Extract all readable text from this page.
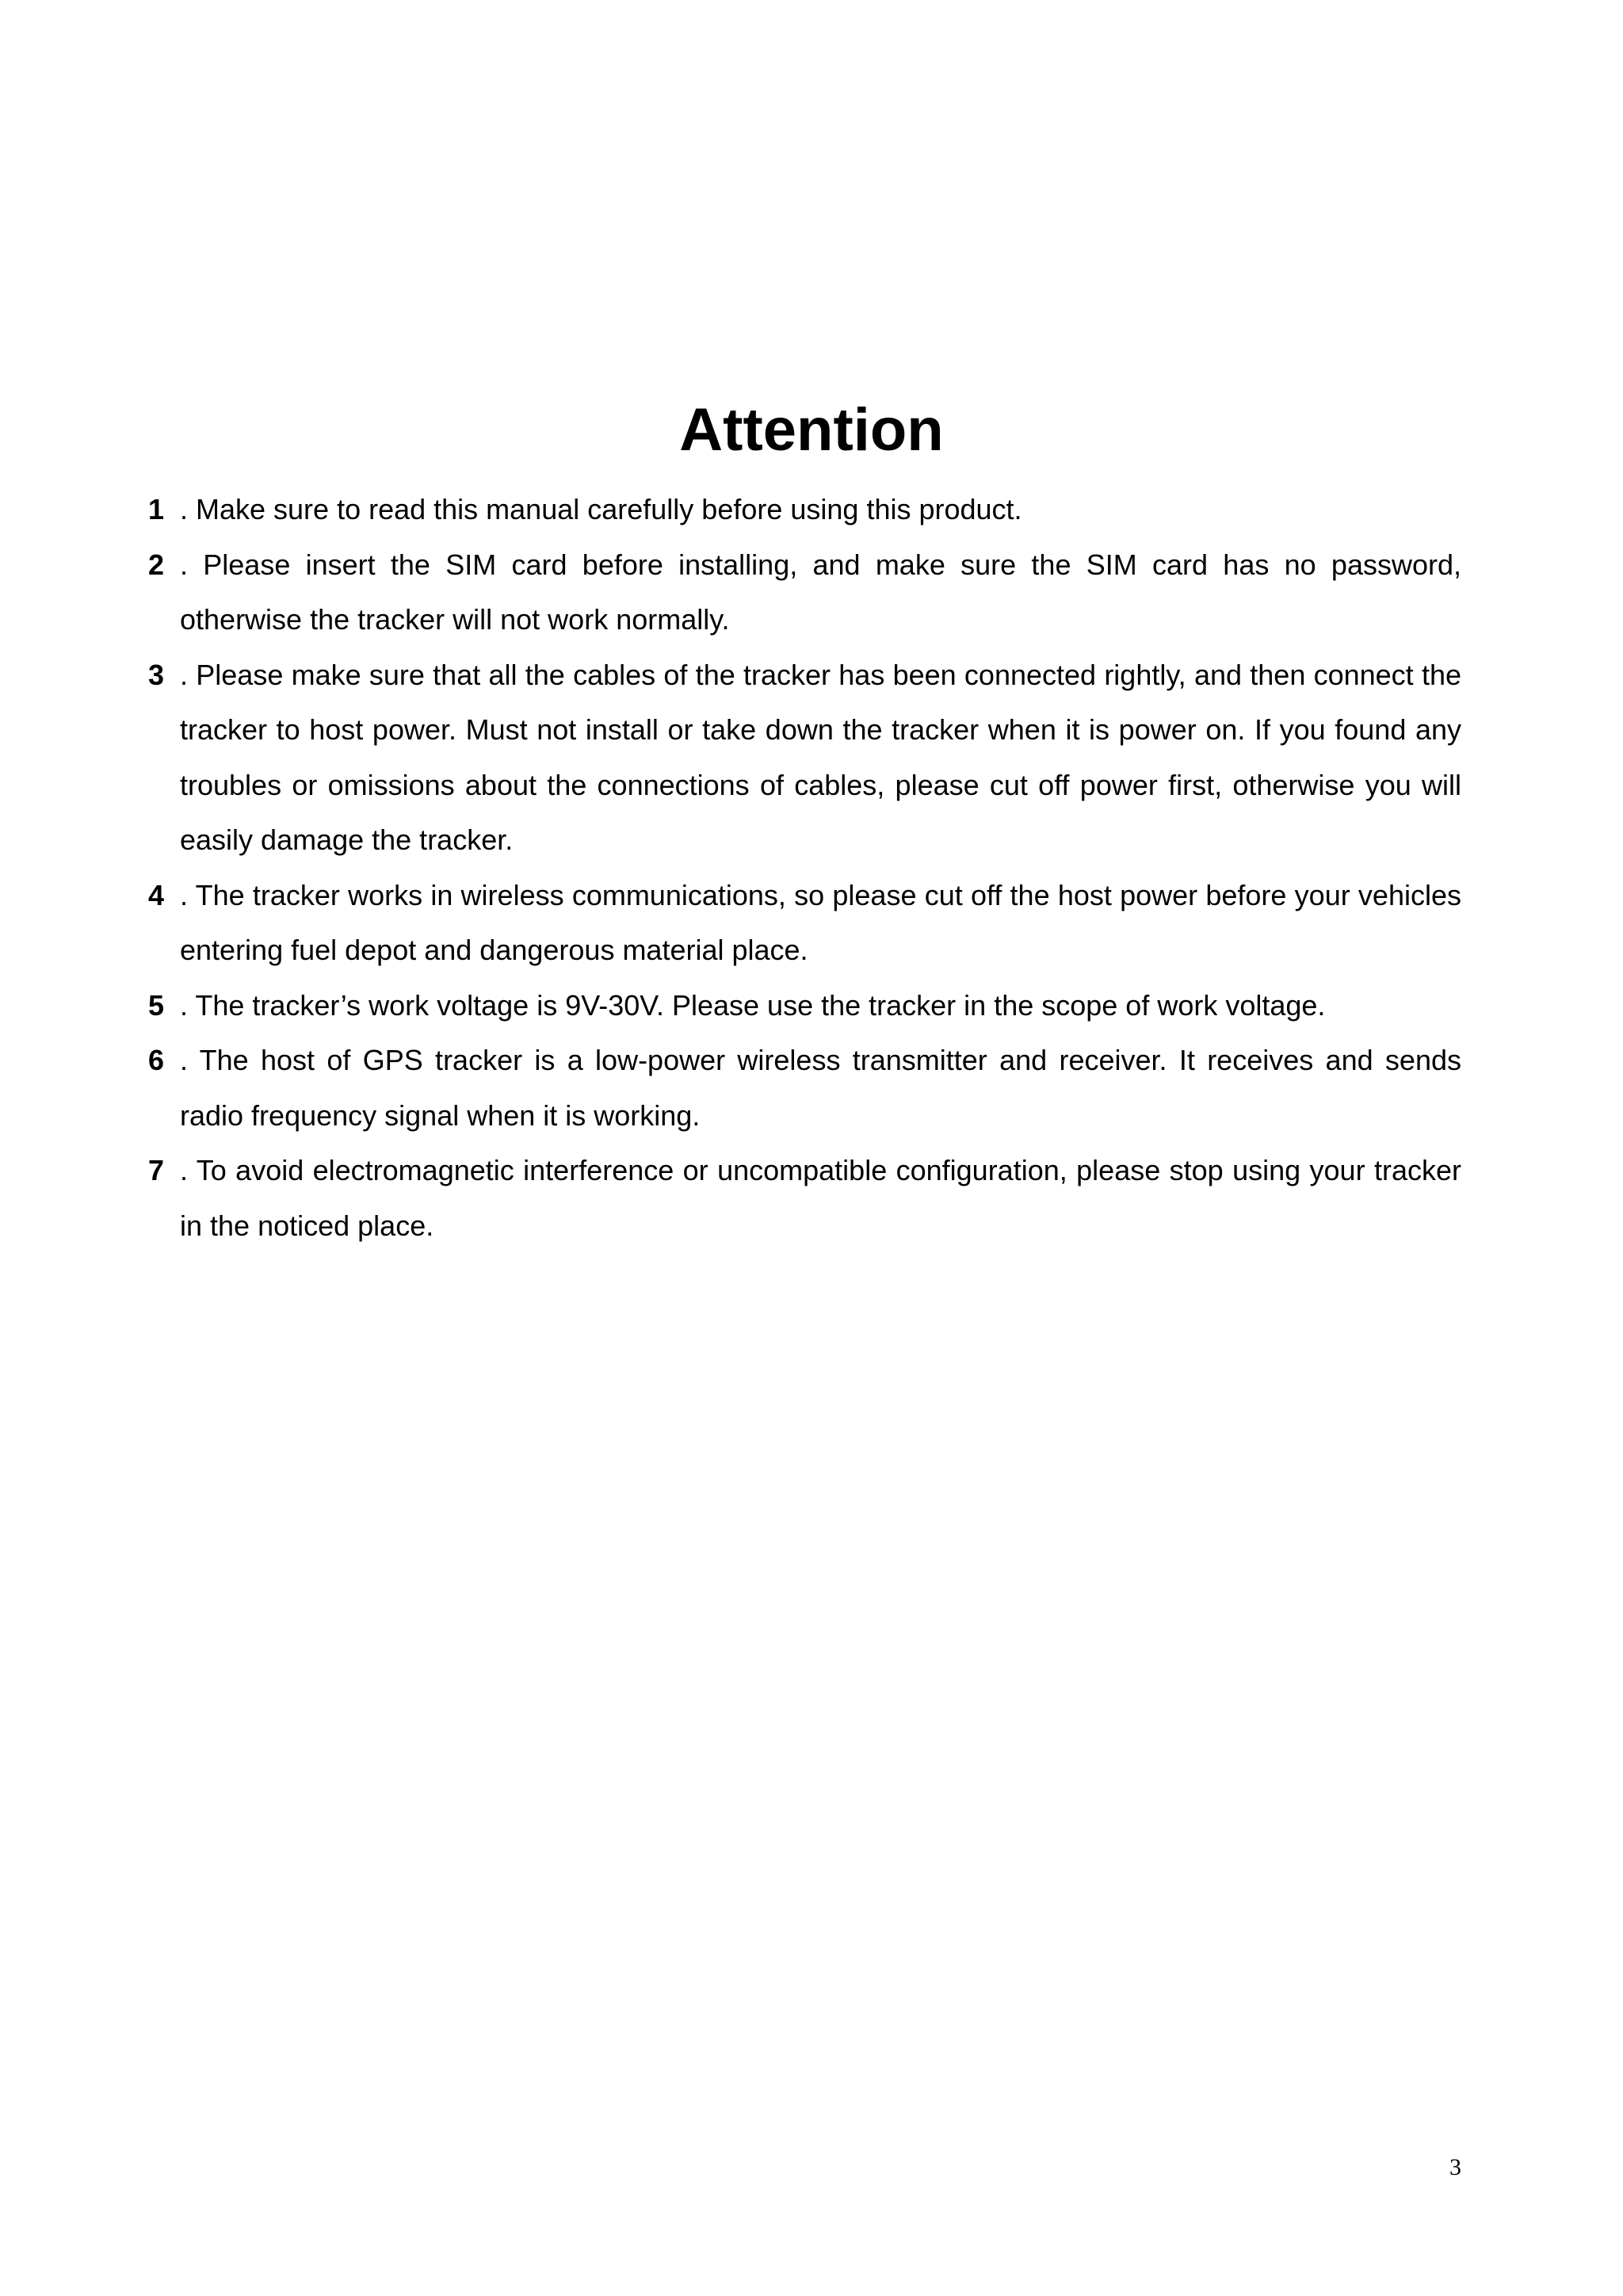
Attention
1 . Make sure to read this manual carefully before using this product.
2 . Please insert the SIM card before installing, and make sure the SIM card has no password, otherwise the tracker will not work normally.
3 . Please make sure that all the cables of the tracker has been connected rightly, and then connect the tracker to host power. Must not install or take down the tracker when it is power on. If you found any troubles or omissions about the connections of cables, please cut off power first, otherwise you will easily damage the tracker.
4 . The tracker works in wireless communications, so please cut off the host power before your vehicles entering fuel depot and dangerous material place.
5 . The tracker’s work voltage is 9V-30V. Please use the tracker in the scope of work voltage.
6 . The host of GPS tracker is a low-power wireless transmitter and receiver. It receives and sends radio frequency signal when it is working.
7 . To avoid electromagnetic interference or uncompatible configuration, please stop using your tracker in the noticed place.
3
